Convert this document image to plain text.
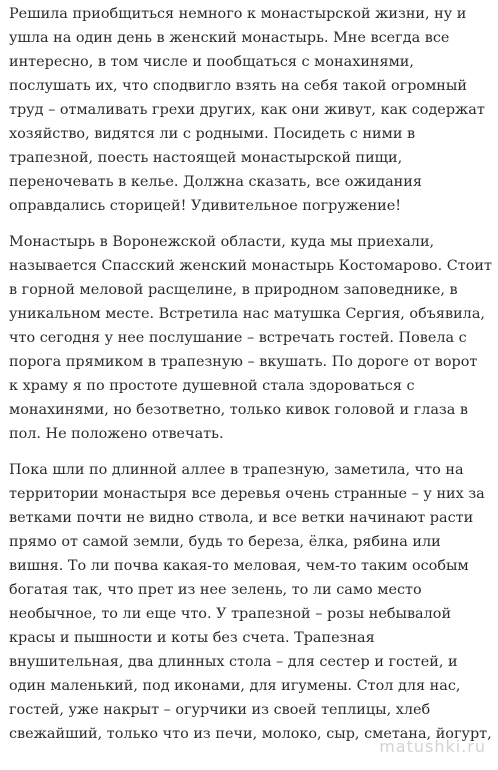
Решила приобщиться немного к монастырской жизни, ну и
ушла на один день в женский монастырь. Мне всегда все
интересно, в том числе и пообщаться с монахинями,
послушать их, что сподвигло взять на себя такой огромный
труд – отмаливать грехи других, как они живут, как содержат
хозяйство, видятся ли с родными. Посидеть с ними в
трапезной, поесть настоящей монастырской пищи,
переночевать в келье. Должна сказать, все ожидания
оправдались сторицей! Удивительное погружение!
Монастырь в Воронежской области, куда мы приехали,
называется Спасский женский монастырь Костомарово. Стоит
в горной меловой расщелине, в природном заповеднике, в
уникальном месте. Встретила нас матушка Сергия, объявила,
что сегодня у нее послушание – встречать гостей. Повела с
порога прямиком в трапезную – вкушать. По дороге от ворот
к храму я по простоте душевной стала здороваться с
монахинями, но безответно, только кивок головой и глаза в
пол. Не положено отвечать.
Пока шли по длинной аллее в трапезную, заметила, что на
территории монастыря все деревья очень странные – у них за
ветками почти не видно ствола, и все ветки начинают расти
прямо от самой земли, будь то береза, ёлка, рябина или
вишня. То ли почва какая-то меловая, чем-то таким особым
богатая так, что прет из нее зелень, то ли само место
необычное, то ли еще что. У трапезной – розы небывалой
красы и пышности и коты без счета. Трапезная
внушительная, два длинных стола – для сестер и гостей, и
один маленький, под иконами, для игумены. Стол для нас,
гостей, уже накрыт – огурчики из своей теплицы, хлеб
свежайший, только что из печи, молоко, сыр, сметана, йогурт,
matushki.ru
